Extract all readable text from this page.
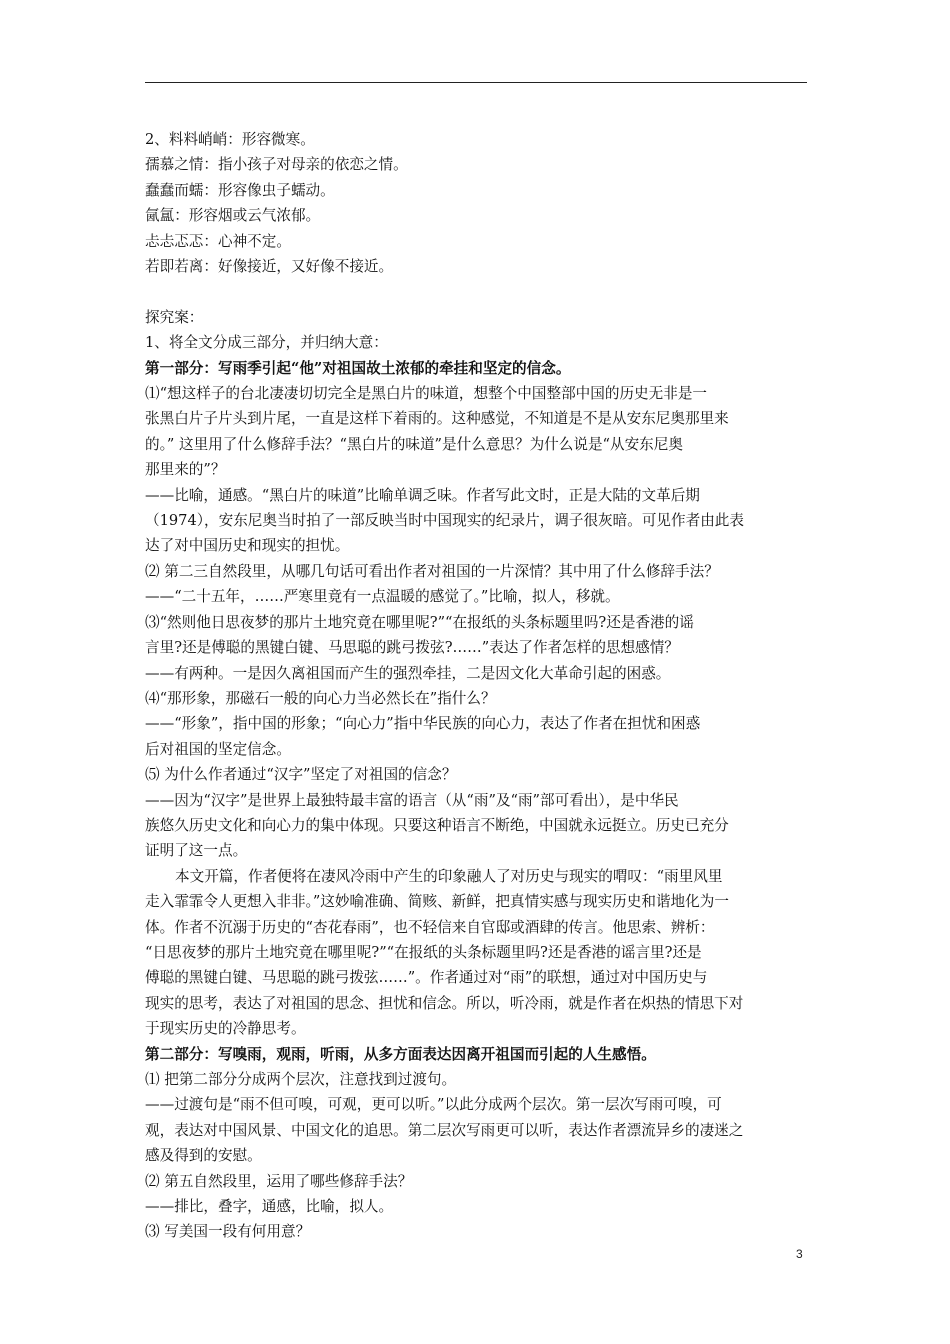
2、料料峭峭：形容微寒。
孺慕之情：指小孩子对母亲的依恋之情。
蠢蠢而蠕：形容像虫子蠕动。
氤氲：形容烟或云气浓郁。
忐忐忑忑：心神不定。
若即若离：好像接近，又好像不接近。
探究案：
1、将全文分成三部分，并归纳大意：
第一部分：写雨季引起“他”对祖国故土浓郁的牵挂和坚定的信念。
⑴“想这样子的台北凄凄切切完全是黑白片的味道，想整个中国整部中国的历史无非是一
张黑白片子片头到片尾，一直是这样下着雨的。这种感觉，不知道是不是从安东尼奥那里来
的。” 这里用了什么修辞手法？“黑白片的味道”是什么意思？为什么说是“从安东尼奥
那里来的”？
——比喻，通感。“黑白片的味道”比喻单调乏味。作者写此文时，正是大陆的文革后期
（1974），安东尼奥当时拍了一部反映当时中国现实的纪录片，调子很灰暗。可见作者由此表
达了对中国历史和现实的担忧。
⑵ 第二三自然段里，从哪几句话可看出作者对祖国的一片深情？其中用了什么修辞手法？
——“二十五年，……严寒里竟有一点温暖的感觉了。”比喻，拟人，移就。
⑶“然则他日思夜梦的那片土地究竟在哪里呢?”“在报纸的头条标题里吗?还是香港的谣
言里?还是傅聪的黑键白键、马思聪的跳弓拨弦?……”表达了作者怎样的思想感情？
——有两种。一是因久离祖国而产生的强烈牵挂，二是因文化大革命引起的困惑。
⑷“那形象，那磁石一般的向心力当必然长在”指什么？
——“形象”，指中国的形象；“向心力”指中华民族的向心力，表达了作者在担忧和困惑
后对祖国的坚定信念。
⑸ 为什么作者通过“汉字”坚定了对祖国的信念？
——因为“汉字”是世界上最独特最丰富的语言（从“雨”及“雨”部可看出），是中华民
族悠久历史文化和向心力的集中体现。只要这种语言不断绝，中国就永远挺立。历史已充分
证明了这一点。
本文开篇，作者便将在凄风冷雨中产生的印象融人了对历史与现实的喟叹：“雨里风里
走入霏霏令人更想入非非。”这妙喻准确、简赅、新鲜，把真情实感与现实历史和谐地化为一
体。作者不沉溺于历史的“杏花春雨”，也不轻信来自官邸或酒肆的传言。他思索、辨析：
“日思夜梦的那片土地究竟在哪里呢?”“在报纸的头条标题里吗?还是香港的谣言里?还是
傅聪的黑键白键、马思聪的跳弓拨弦……”。作者通过对“雨”的联想，通过对中国历史与
现实的思考，表达了对祖国的思念、担忧和信念。所以，听冷雨，就是作者在炽热的情思下对
于现实历史的冷静思考。
第二部分：写嗅雨，观雨，听雨，从多方面表达因离开祖国而引起的人生感悟。
⑴ 把第二部分分成两个层次，注意找到过渡句。
——过渡句是“雨不但可嗅，可观，更可以听。”以此分成两个层次。第一层次写雨可嗅，可
观，表达对中国风景、中国文化的追思。第二层次写雨更可以听，表达作者漂流异乡的凄迷之
感及得到的安慰。
⑵ 第五自然段里，运用了哪些修辞手法？
——排比，叠字，通感，比喻，拟人。
⑶ 写美国一段有何用意？
3
